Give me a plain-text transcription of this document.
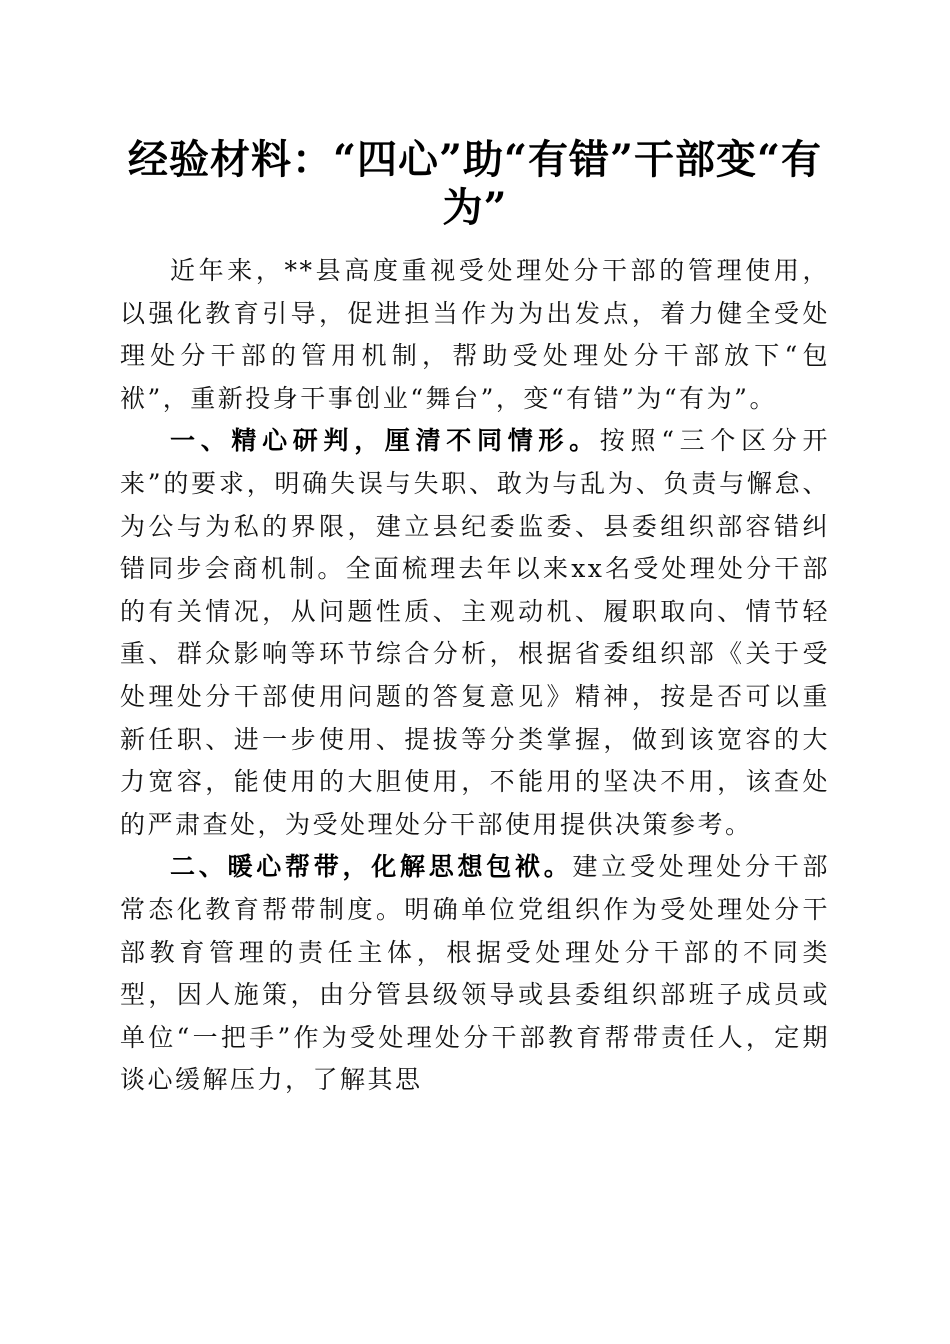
经验材料：“四心”助“有错”干部变“有为”

近年来，**县高度重视受处理处分干部的管理使用，以强化教育引导，促进担当作为为出发点，着力健全受处理处分干部的管用机制，帮助受处理处分干部放下“包袱”，重新投身干事创业“舞台”，变“有错”为“有为”。

一、精心研判，厘清不同情形。按照“三个区分开来”的要求，明确失误与失职、敢为与乱为、负责与懈怠、为公与为私的界限，建立县纪委监委、县委组织部容错纠错同步会商机制。全面梳理去年以来xx名受处理处分干部的有关情况，从问题性质、主观动机、履职取向、情节轻重、群众影响等环节综合分析，根据省委组织部《关于受处理处分干部使用问题的答复意见》精神，按是否可以重新任职、进一步使用、提拔等分类掌握，做到该宽容的大力宽容，能使用的大胆使用，不能用的坚决不用，该查处的严肃查处，为受处理处分干部使用提供决策参考。

二、暖心帮带，化解思想包袱。建立受处理处分干部常态化教育帮带制度。明确单位党组织作为受处理处分干部教育管理的责任主体，根据受处理处分干部的不同类型，因人施策，由分管县级领导或县委组织部班子成员或单位“一把手”作为受处理处分干部教育帮带责任人，定期谈心缓解压力，了解其思
